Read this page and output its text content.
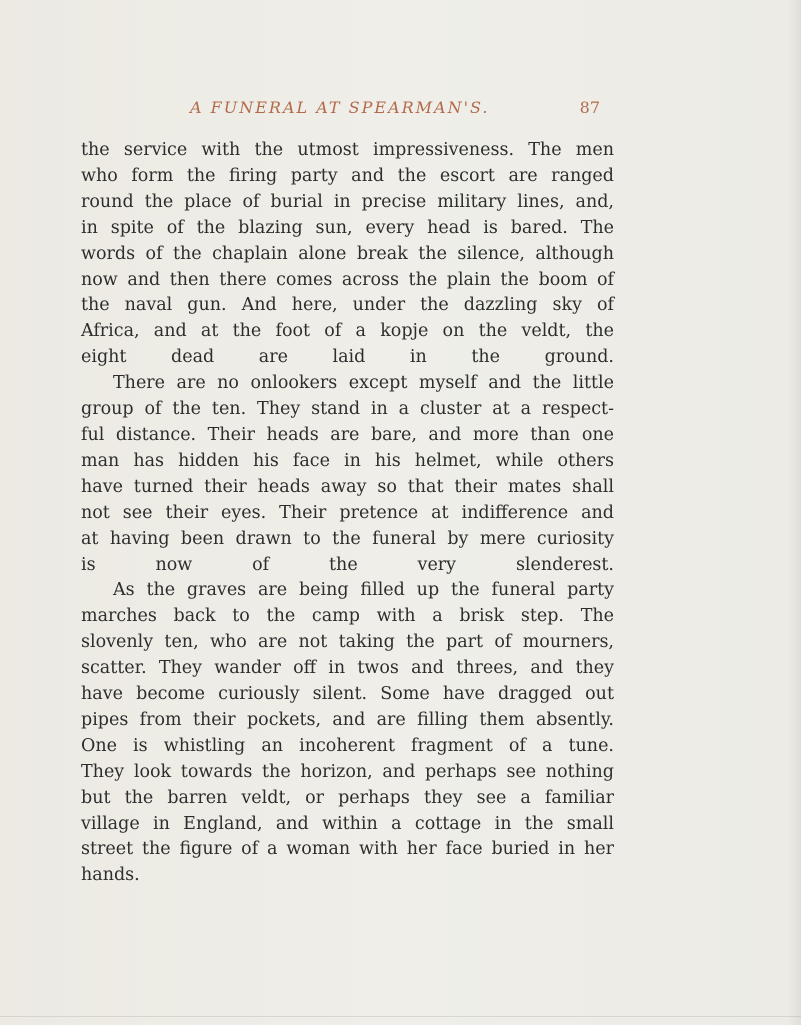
A FUNERAL AT SPEARMAN'S.	87

the service with the utmost impressiveness. The men
who form the firing party and the escort are ranged
round the place of burial in precise military lines, and,
in spite of the blazing sun, every head is bared. The
words of the chaplain alone break the silence, although
now and then there comes across the plain the boom of
the naval gun. And here, under the dazzling sky of
Africa, and at the foot of a kopje on the veldt, the
eight dead are laid in the ground.

There are no onlookers except myself and the little
group of the ten. They stand in a cluster at a respect-
ful distance. Their heads are bare, and more than one
man has hidden his face in his helmet, while others
have turned their heads away so that their mates shall
not see their eyes. Their pretence at indifference and
at having been drawn to the funeral by mere curiosity
is now of the very slenderest.

As the graves are being filled up the funeral party
marches back to the camp with a brisk step. The
slovenly ten, who are not taking the part of mourners,
scatter. They wander off in twos and threes, and they
have become curiously silent. Some have dragged out
pipes from their pockets, and are filling them absently.
One is whistling an incoherent fragment of a tune.
They look towards the horizon, and perhaps see nothing
but the barren veldt, or perhaps they see a familiar
village in England, and within a cottage in the small
street the figure of a woman with her face buried in her
hands.
